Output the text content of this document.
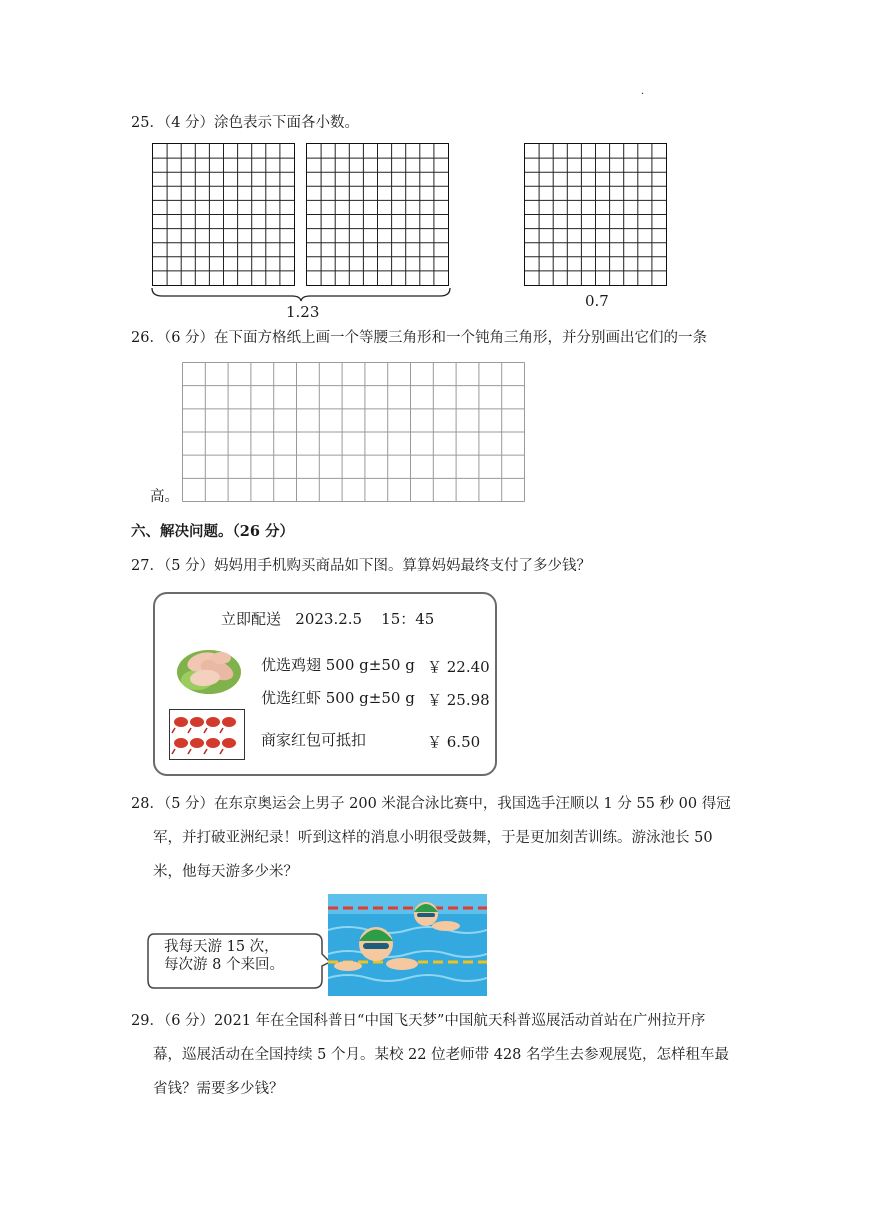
.
25．（4 分）涂色表示下面各小数。
1.23
0.7
26．（6 分）在下面方格纸上画一个等腰三角形和一个钝角三角形，并分别画出它们的一条
高。
六、解决问题。（26 分）
27．（5 分）妈妈用手机购买商品如下图。算算妈妈最终支付了多少钱？
立即配送   2023.2.5    15：45
优选鸡翅 500 g±50 g ￥ 22.40
优选红虾 500 g±50 g ￥ 25.98
商家红包可抵扣	￥ 6.50
28．（5 分）在东京奥运会上男子 200 米混合泳比赛中，我国选手汪顺以 1 分 55 秒 00 得冠
军，并打破亚洲纪录！听到这样的消息小明很受鼓舞，于是更加刻苦训练。游泳池长 50
米，他每天游多少米？
我每天游 15 次，
每次游 8 个来回。
29．（6 分）2021 年在全国科普日“中国飞天梦”中国航天科普巡展活动首站在广州拉开序
幕，巡展活动在全国持续 5 个月。某校 22 位老师带 428 名学生去参观展览，怎样租车最
省钱？需要多少钱？
